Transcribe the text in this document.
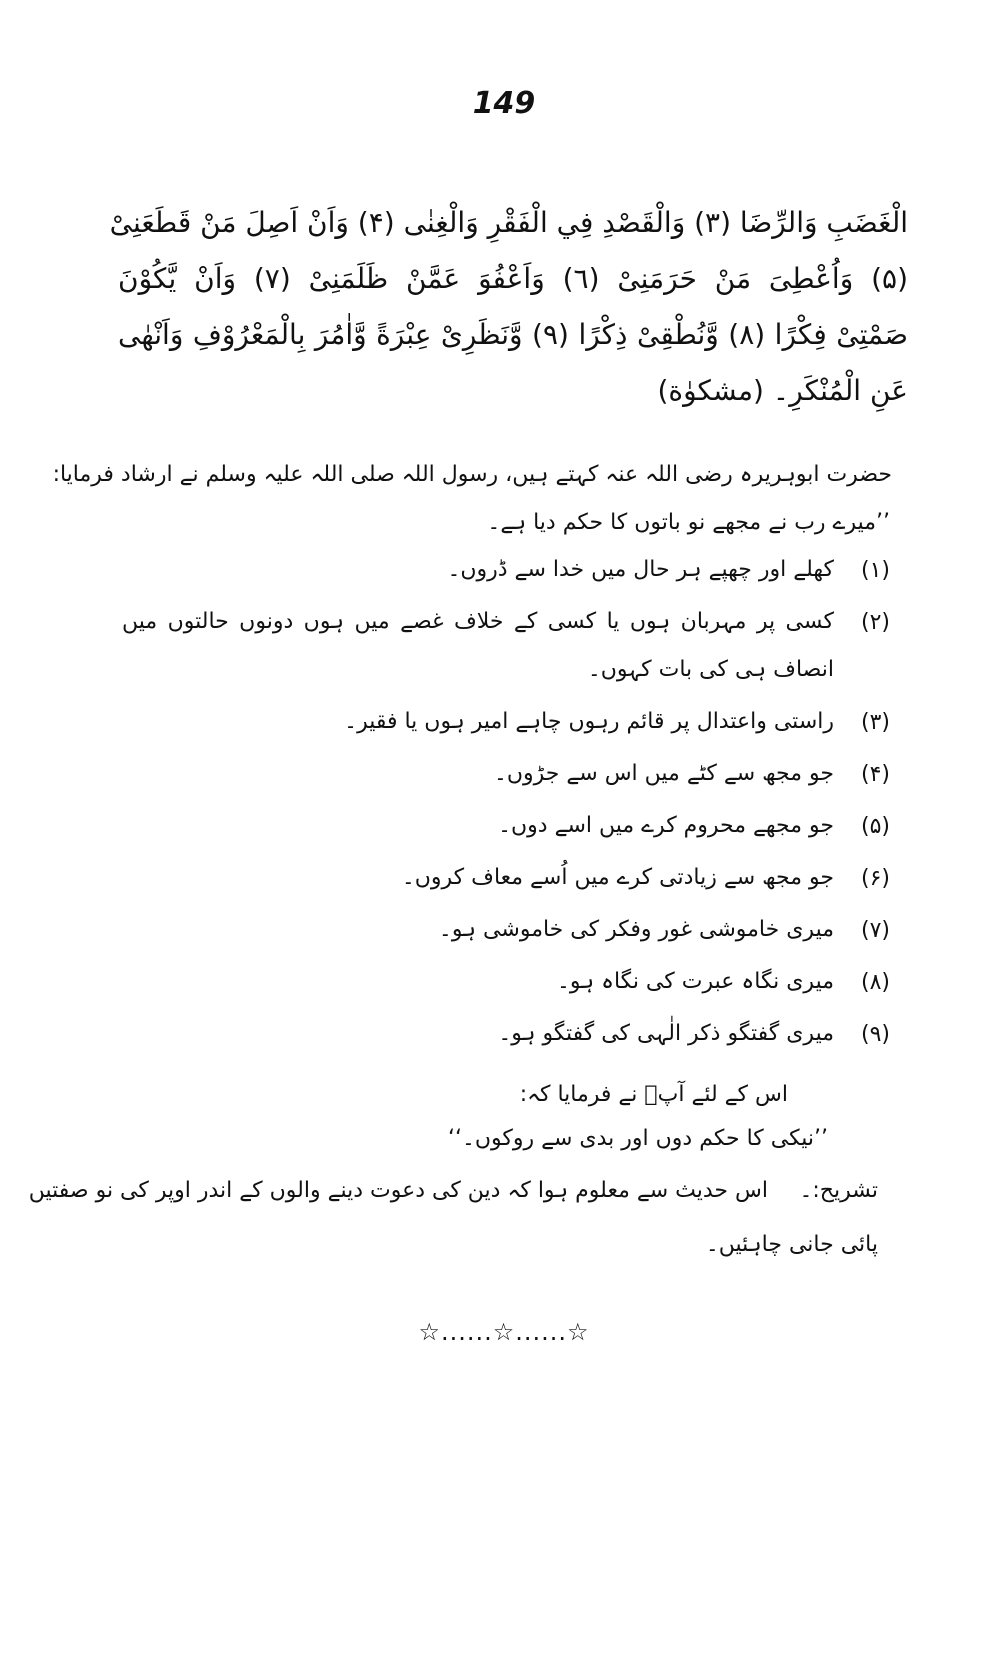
149
الْغَضَبِ وَالرِّضَا (٣) وَالْقَصْدِ فِي الْفَقْرِ وَالْغِنٰى (۴) وَاَنْ اَصِلَ مَنْ قَطَعَنِىْ
(۵) وَاُعْطِىَ مَنْ حَرَمَنِىْ (٦) وَاَعْفُوَ عَمَّنْ ظَلَمَنِىْ (٧) وَاَنْ يَّكُوْنَ
صَمْتِىْ فِكْرًا (٨) وَّنُطْقِىْ ذِكْرًا (٩) وَّنَظَرِىْ عِبْرَةً وَّاٰمُرَ بِالْمَعْرُوْفِ وَاَنْهٰى
عَنِ الْمُنْكَرِ۔ (مشكوٰة)
حضرت ابوہریرہ رضی اللہ عنہ کہتے ہیں، رسول اللہ صلی اللہ علیہ وسلم نے ارشاد فرمایا:
’’میرے رب نے مجھے نو باتوں کا حکم دیا ہے۔
(۱)
کھلے اور چھپے ہر حال میں خدا سے ڈروں۔
(۲)
کسی پر مہربان ہوں یا کسی کے خلاف غصے میں ہوں دونوں حالتوں میں انصاف ہی کی بات کہوں۔
(۳)
راستی واعتدال پر قائم رہوں چاہے امیر ہوں یا فقیر۔
(۴)
جو مجھ سے کٹے میں اس سے جڑوں۔
(۵)
جو مجھے محروم کرے میں اسے دوں۔
(۶)
جو مجھ سے زیادتی کرے میں اُسے معاف کروں۔
(۷)
میری خاموشی غور وفکر کی خاموشی ہو۔
(۸)
میری نگاہ عبرت کی نگاہ ہو۔
(۹)
میری گفتگو ذکر الٰہی کی گفتگو ہو۔
اس کے لئے آپؐ نے فرمایا کہ:
’’نیکی کا حکم دوں اور بدی سے روکوں۔‘‘
تشریح:۔
اس حدیث سے معلوم ہوا کہ دین کی دعوت دینے والوں کے اندر اوپر کی نو صفتیں
پائی جانی چاہئیں۔
☆......☆......☆
